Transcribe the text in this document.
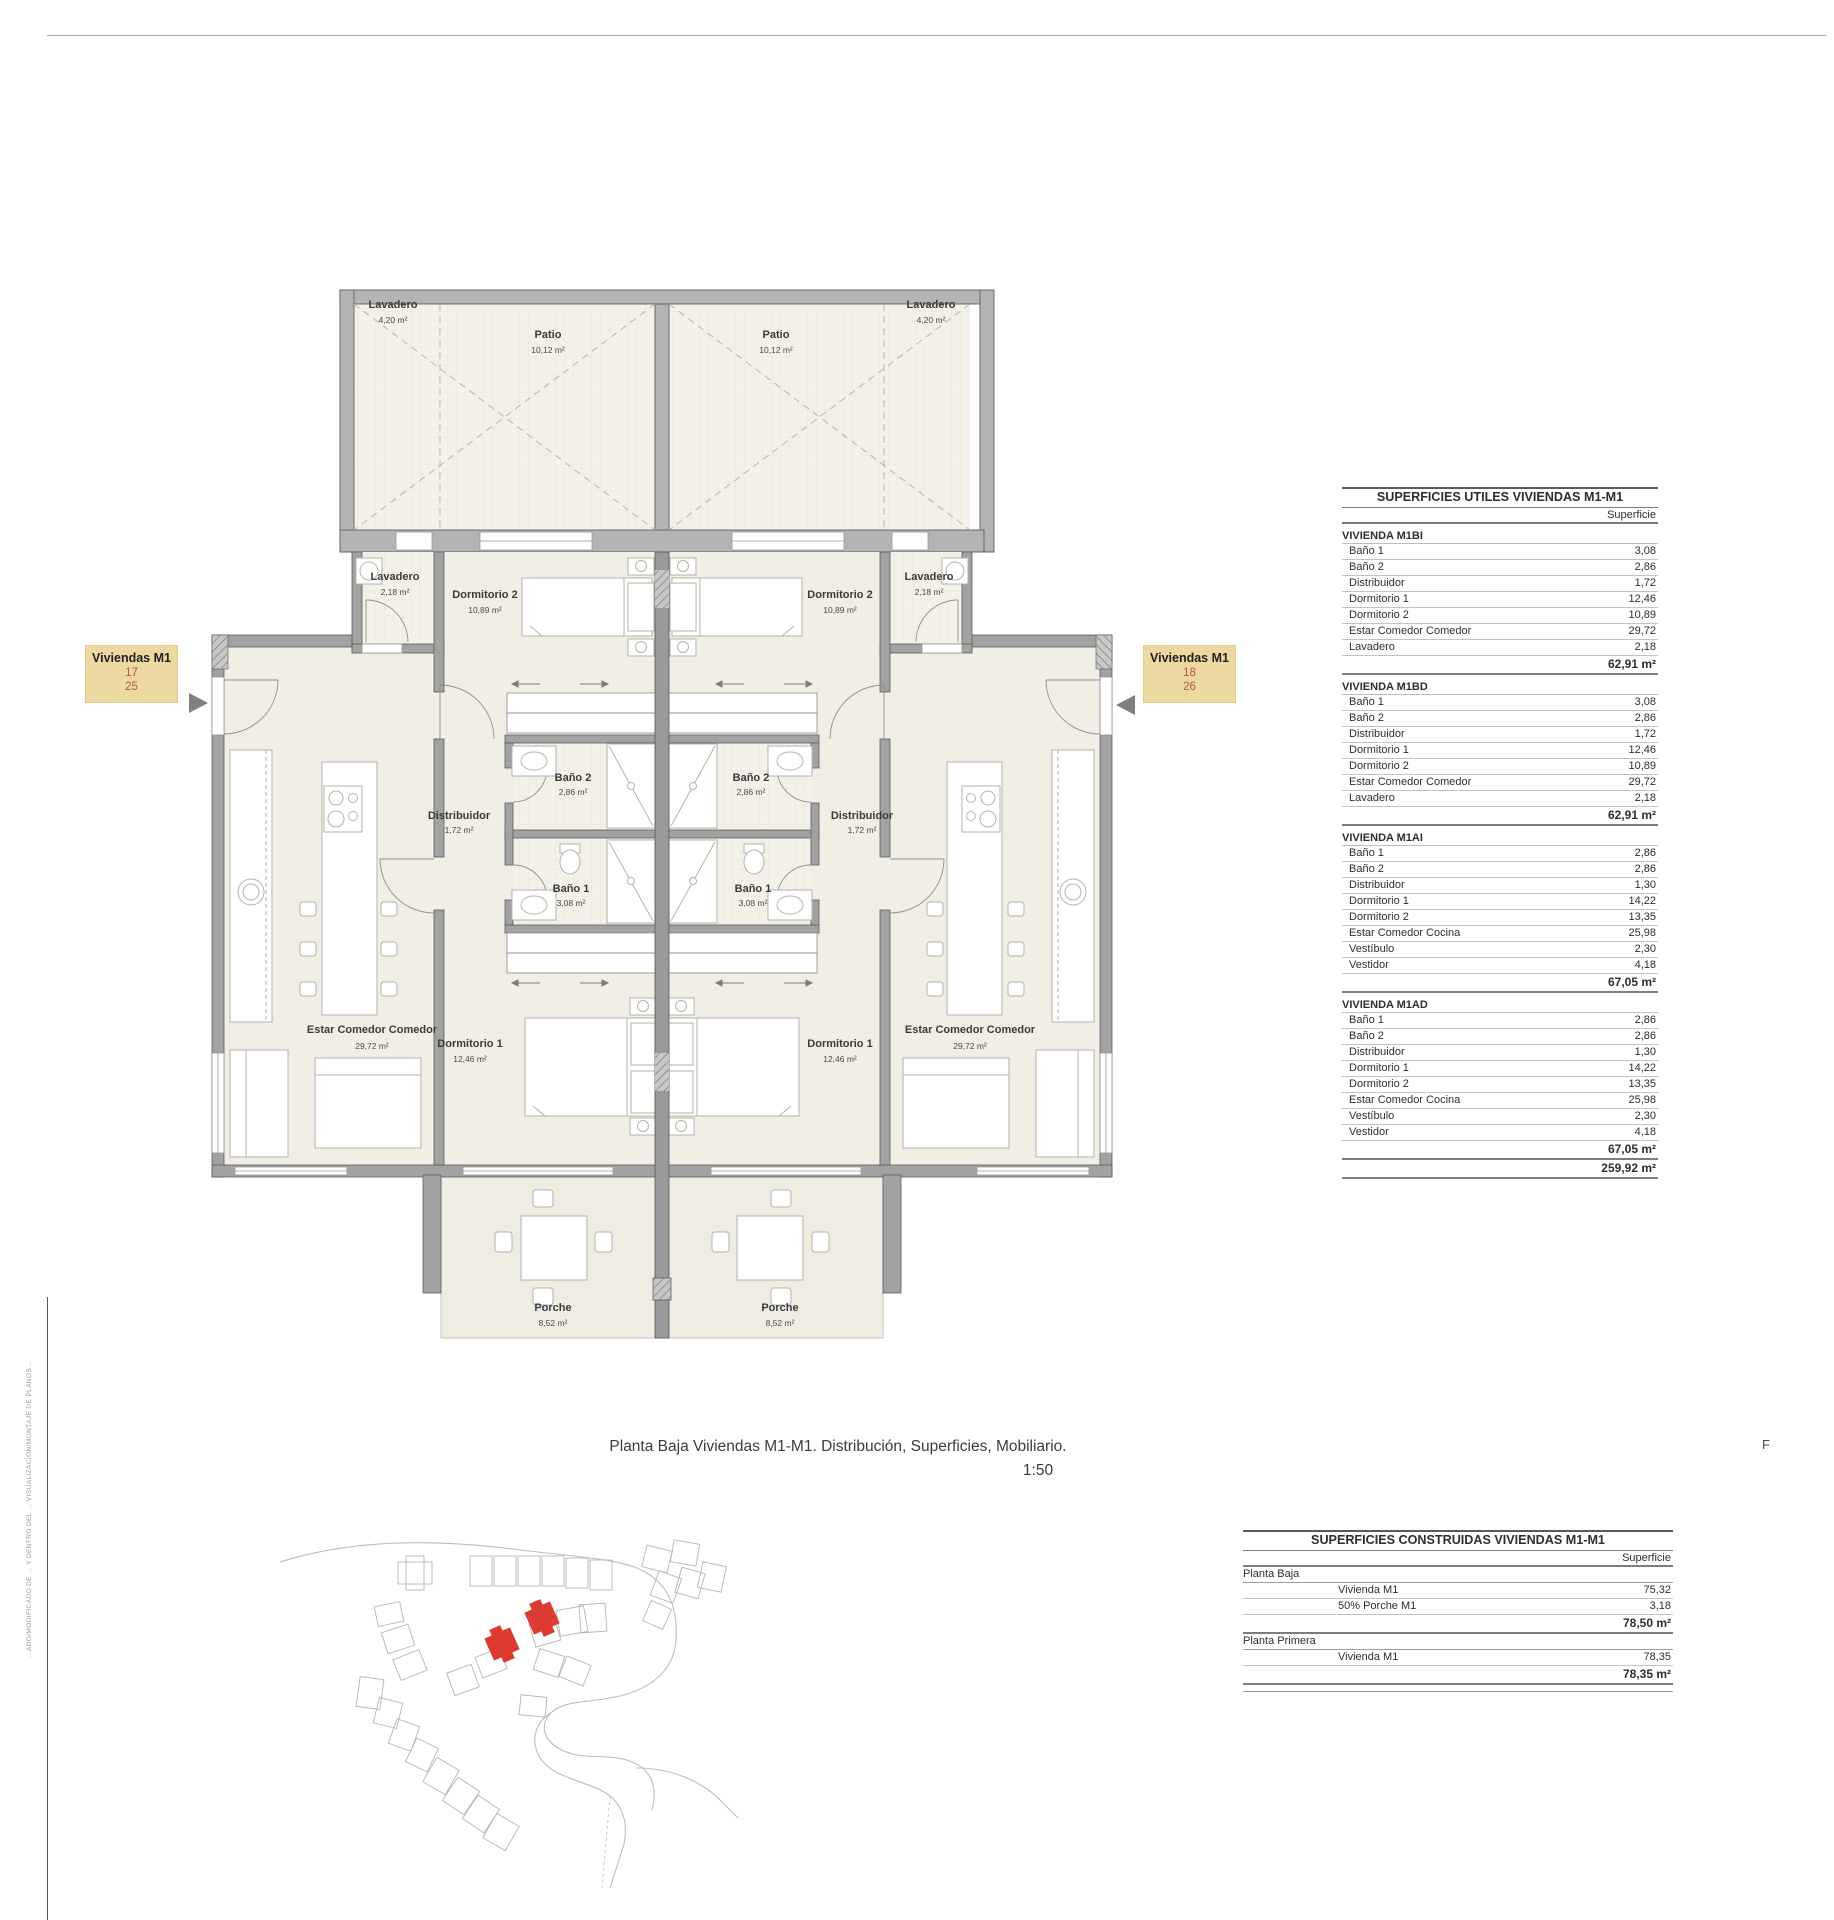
…ADO/MODIFICADO DE … Y DENTRO DEL … VISUALIZACIÓN/MONTAJE DE PLANOS…	F
Viviendas M1
17
25
Viviendas M1
18
26
Lavadero
4,20 m²
Patio
10,12 m²
Lavadero
2,18 m²	Dormitorio 2
10,89 m²
Baño 2
2,86 m²
Distribuidor
1,72 m²
Baño 1
3,08 m²
Dormitorio 1
12,46 m²
Estar Comedor Comedor
29,72 m²
Porche
8,52 m²
Lavadero
4,20 m²
Patio
10,12 m²
Lavadero
2,18 m²
Dormitorio 2
10,89 m²
Baño 2
2,86 m²
Distribuidor
1,72 m²
Baño 1
3,08 m²
Dormitorio 1
12,46 m²
Estar Comedor Comedor
29,72 m²
Porche
8,52 m²
Planta Baja Viviendas M1-M1. Distribución, Superficies, Mobiliario.
1:50
SUPERFICIES UTILES VIVIENDAS M1-M1
Superficie
VIVIENDA M1BI
Baño 1	3,08
Baño 2	2,86
Distribuidor	1,72
Dormitorio 1	12,46
Dormitorio 2	10,89
Estar Comedor Comedor	29,72
Lavadero	2,18
62,91 m²
VIVIENDA M1BD
Baño 1	3,08
Baño 2	2,86
Distribuidor	1,72
Dormitorio 1	12,46
Dormitorio 2	10,89
Estar Comedor Comedor	29,72
Lavadero	2,18
62,91 m²
VIVIENDA M1AI
Baño 1	2,86
Baño 2	2,86
Distribuidor	1,30
Dormitorio 1	14,22
Dormitorio 2	13,35
Estar Comedor Cocina	25,98
Vestíbulo	2,30
Vestidor	4,18
67,05 m²
VIVIENDA M1AD
Baño 1	2,86
Baño 2	2,86
Distribuidor	1,30
Dormitorio 1	14,22
Dormitorio 2	13,35
Estar Comedor Cocina	25,98
Vestíbulo	2,30
Vestidor	4,18
67,05 m²
259,92 m²
SUPERFICIES CONSTRUIDAS VIVIENDAS M1-M1
Superficie
Planta Baja
Vivienda M1	75,32
50% Porche M1	3,18
78,50 m²
Planta Primera
Vivienda M1	78,35
78,35 m²
